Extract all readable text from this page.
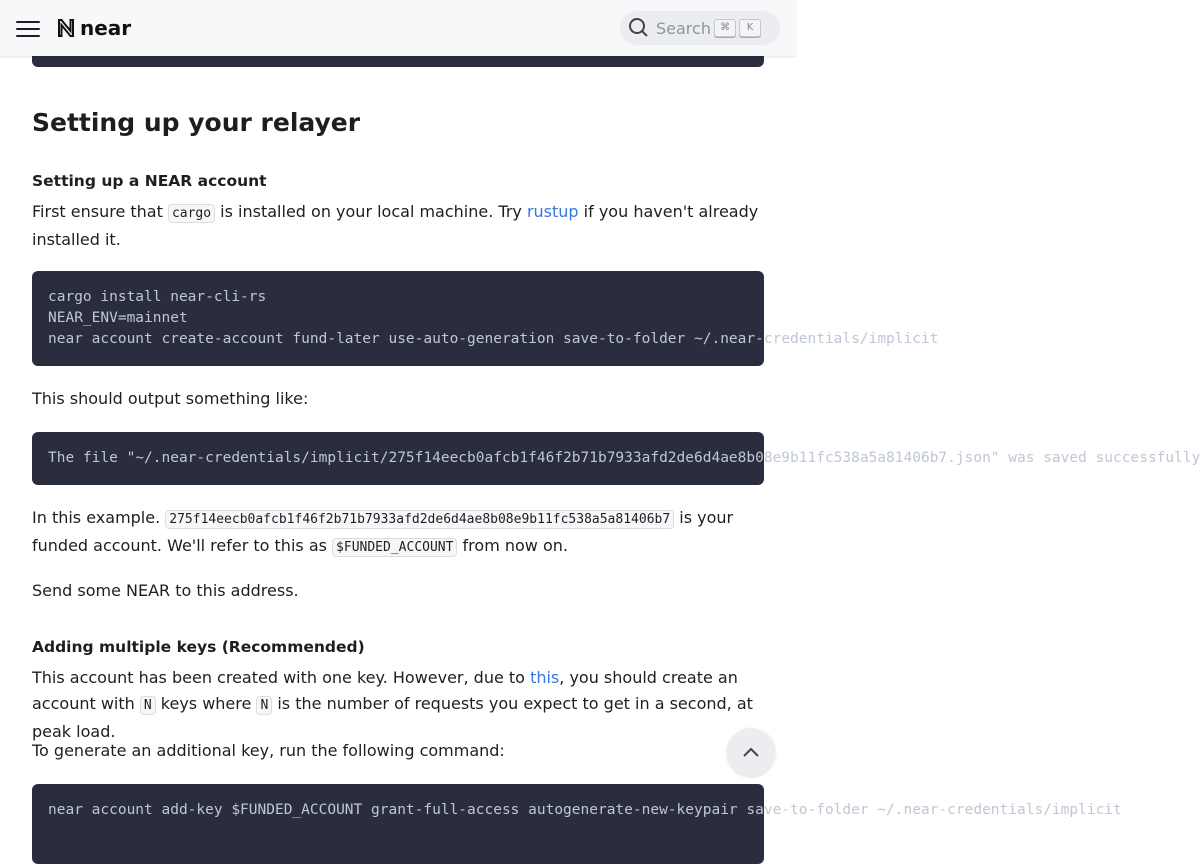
near	Search ⌘	K
Setting up your relayer
Setting up a NEAR account

First ensure that cargo is installed on your local machine. Try rustup if you haven't already installed it.

cargo install near-cli-rs
NEAR_ENV=mainnet
near account create-account fund-later use-auto-generation save-to-folder ~/.near-credentials/implicit

This should output something like:

The file "~/.near-credentials/implicit/275f14eecb0afcb1f46f2b71b7933afd2de6d4ae8b08e9b11fc538a5a81406b7.json" was saved successfully

In this example. 275f14eecb0afcb1f46f2b71b7933afd2de6d4ae8b08e9b11fc538a5a81406b7 is your funded account. We'll refer to this as $FUNDED_ACCOUNT from now on.

Send some NEAR to this address.

Adding multiple keys (Recommended)

This account has been created with one key. However, due to this, you should create an account with N keys where N is the number of requests you expect to get in a second, at peak load.

To generate an additional key, run the following command:

near account add-key $FUNDED_ACCOUNT grant-full-access autogenerate-new-keypair save-to-folder ~/.near-credentials/implicit
